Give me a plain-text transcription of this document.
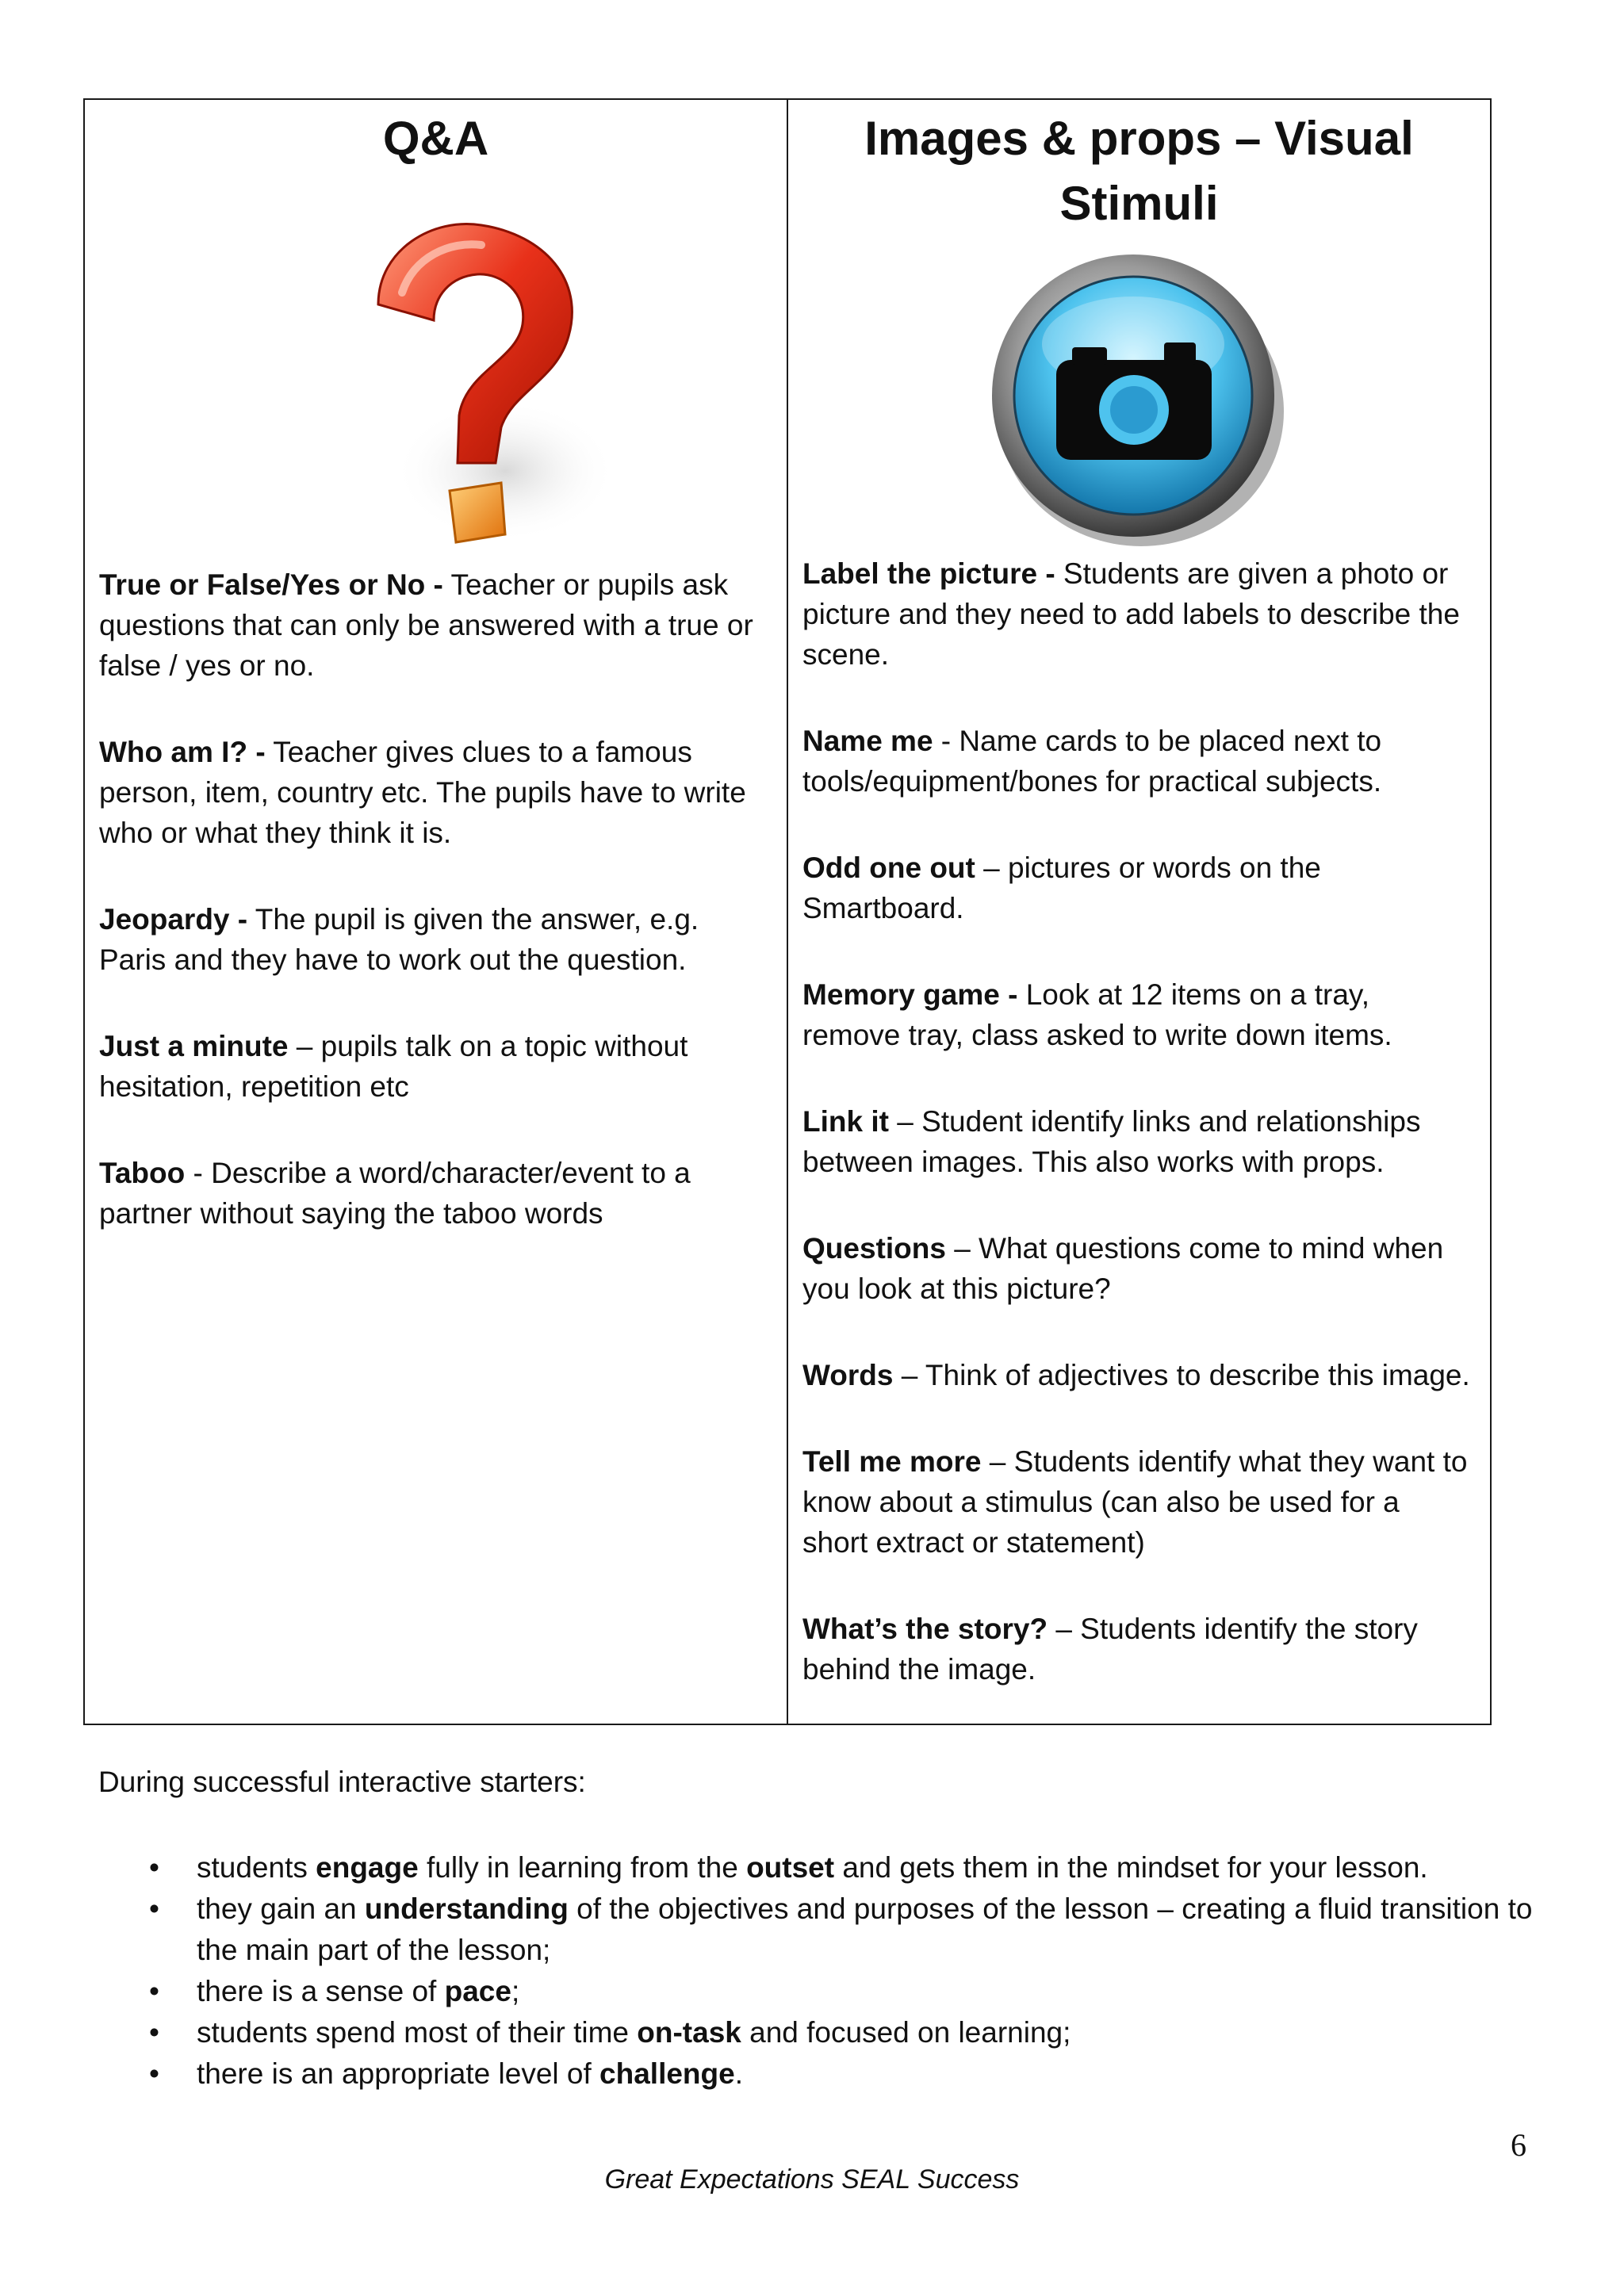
Q&A
True or False/Yes or No - Teacher or pupils ask questions that can only be answered with a true or false / yes or no.
Who am I? - Teacher gives clues to a famous person, item, country etc. The pupils have to write who or what they think it is.
Jeopardy - The pupil is given the answer, e.g. Paris and they have to work out the question.
Just a minute – pupils talk on a topic without hesitation, repetition etc
Taboo - Describe a word/character/event to a partner without saying the taboo words
Images & props – Visual Stimuli
Label the picture - Students are given a photo or picture and they need to add labels to describe the scene.
Name me - Name cards to be placed next to tools/equipment/bones for practical subjects.
Odd one out – pictures or words on the Smartboard.
Memory game - Look at 12 items on a tray, remove tray, class asked to write down items.
Link it – Student identify links and relationships between images. This also works with props.
Questions – What questions come to mind when you look at this picture?
Words – Think of adjectives to describe this image.
Tell me more – Students identify what they want to know about a stimulus (can also be used for a short extract or statement)
What’s the story? – Students identify the story behind the image.
During successful interactive starters:
• students engage fully in learning from the outset and gets them in the mindset for your lesson.
• they gain an understanding of the objectives and purposes of the lesson – creating a fluid transition to the main part of the lesson;
• there is a sense of pace;
• students spend most of their time on-task and focused on learning;
• there is an appropriate level of challenge.
6
Great Expectations SEAL Success
